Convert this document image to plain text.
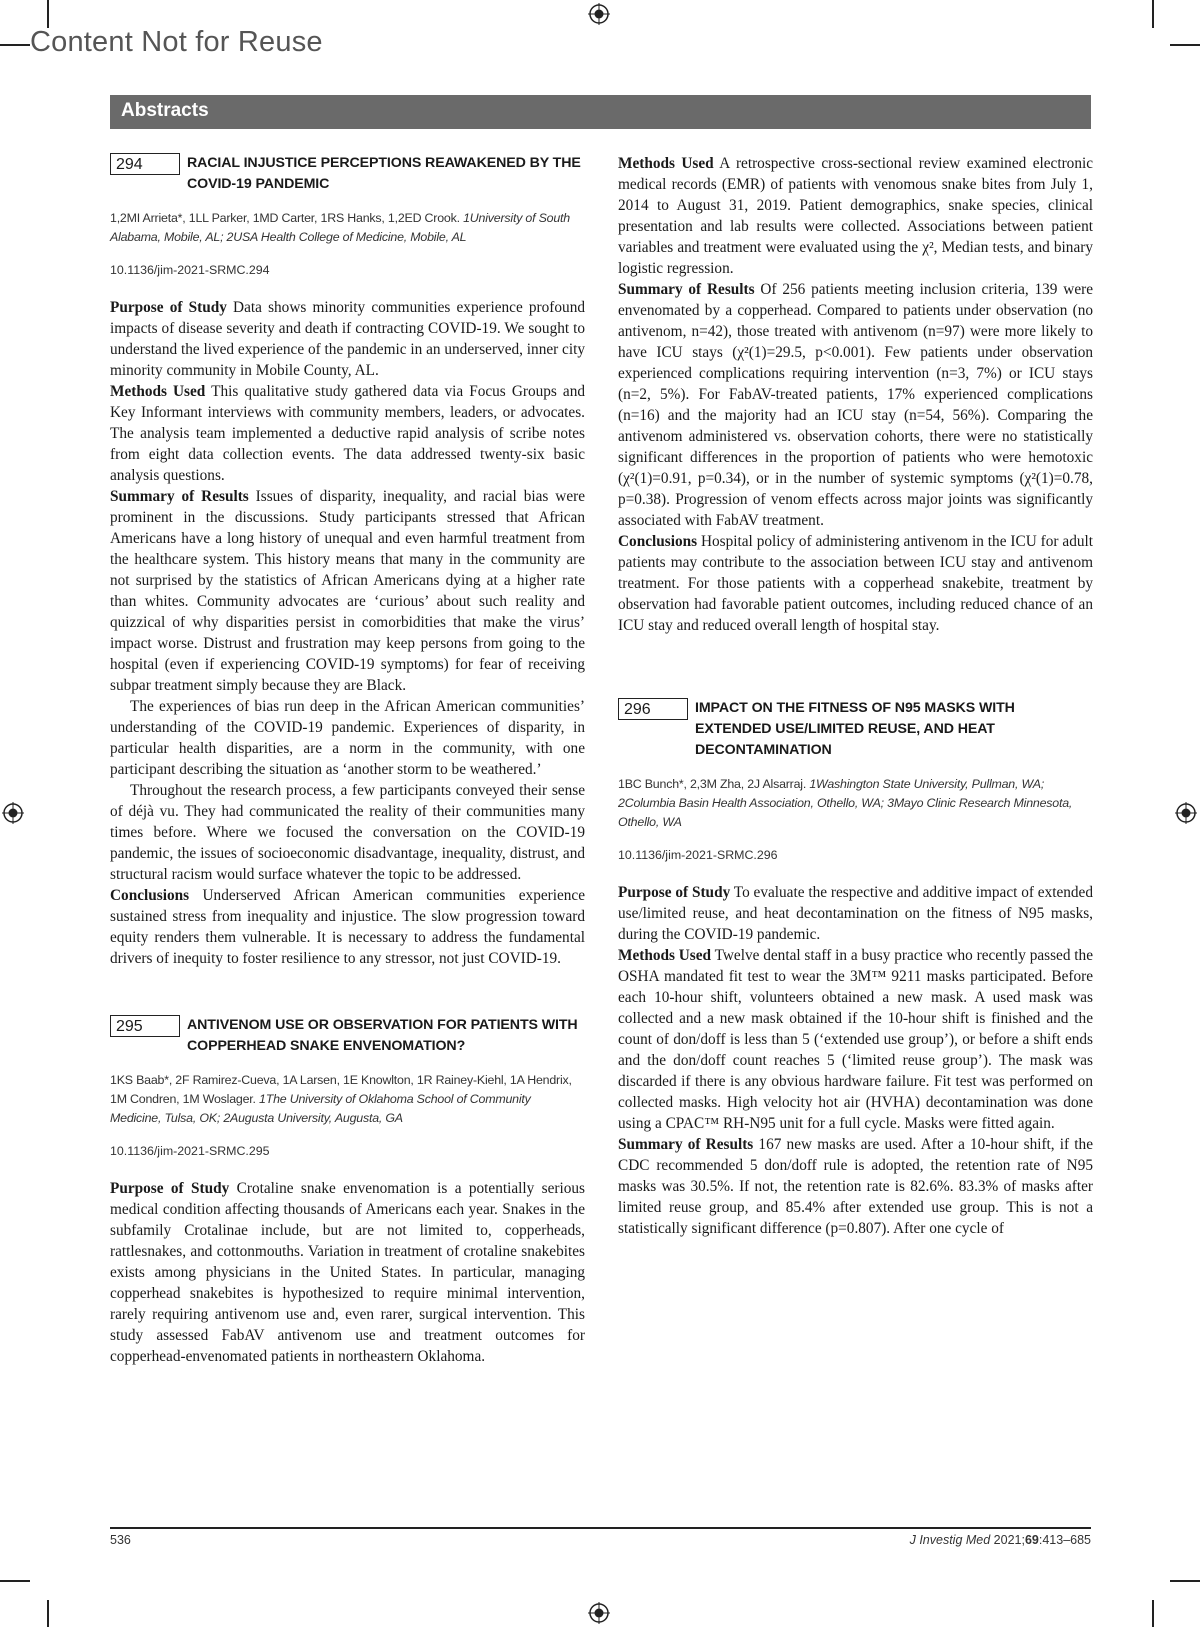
Content Not for Reuse
Abstracts
294	RACIAL INJUSTICE PERCEPTIONS REAWAKENED BY THE COVID-19 PANDEMIC
1,2MI Arrieta*, 1LL Parker, 1MD Carter, 1RS Hanks, 1,2ED Crook. 1University of South Alabama, Mobile, AL; 2USA Health College of Medicine, Mobile, AL
10.1136/jim-2021-SRMC.294

Purpose of Study Data shows minority communities experience profound impacts of disease severity and death if contracting COVID-19. We sought to understand the lived experience of the pandemic in an underserved, inner city minority community in Mobile County, AL.

Methods Used This qualitative study gathered data via Focus Groups and Key Informant interviews with community members, leaders, or advocates. The analysis team implemented a deductive rapid analysis of scribe notes from eight data collection events. The data addressed twenty-six basic analysis questions.

Summary of Results Issues of disparity, inequality, and racial bias were prominent in the discussions. Study participants stressed that African Americans have a long history of unequal and even harmful treatment from the healthcare system. This history means that many in the community are not surprised by the statistics of African Americans dying at a higher rate than whites. Community advocates are ‘curious’ about such reality and quizzical of why disparities persist in comorbidities that make the virus’ impact worse. Distrust and frustration may keep persons from going to the hospital (even if experiencing COVID-19 symptoms) for fear of receiving subpar treatment simply because they are Black.

The experiences of bias run deep in the African American communities’ understanding of the COVID-19 pandemic. Experiences of disparity, in particular health disparities, are a norm in the community, with one participant describing the situation as ‘another storm to be weathered.’

Throughout the research process, a few participants conveyed their sense of déjà vu. They had communicated the reality of their communities many times before. Where we focused the conversation on the COVID-19 pandemic, the issues of socioeconomic disadvantage, inequality, distrust, and structural racism would surface whatever the topic to be addressed.

Conclusions Underserved African American communities experience sustained stress from inequality and injustice. The slow progression toward equity renders them vulnerable. It is necessary to address the fundamental drivers of inequity to foster resilience to any stressor, not just COVID-19.

295	ANTIVENOM USE OR OBSERVATION FOR PATIENTS WITH COPPERHEAD SNAKE ENVENOMATION?
1KS Baab*, 2F Ramirez-Cueva, 1A Larsen, 1E Knowlton, 1R Rainey-Kiehl, 1A Hendrix, 1M Condren, 1M Woslager. 1The University of Oklahoma School of Community Medicine, Tulsa, OK; 2Augusta University, Augusta, GA
10.1136/jim-2021-SRMC.295

Purpose of Study Crotaline snake envenomation is a potentially serious medical condition affecting thousands of Americans each year. Snakes in the subfamily Crotalinae include, but are not limited to, copperheads, rattlesnakes, and cottonmouths. Variation in treatment of crotaline snakebites exists among physicians in the United States. In particular, managing copperhead snakebites is hypothesized to require minimal intervention, rarely requiring antivenom use and, even rarer, surgical intervention. This study assessed FabAV antivenom use and treatment outcomes for copperhead-envenomated patients in northeastern Oklahoma.

Methods Used A retrospective cross-sectional review examined electronic medical records (EMR) of patients with venomous snake bites from July 1, 2014 to August 31, 2019. Patient demographics, snake species, clinical presentation and lab results were collected. Associations between patient variables and treatment were evaluated using the χ², Median tests, and binary logistic regression.

Summary of Results Of 256 patients meeting inclusion criteria, 139 were envenomated by a copperhead. Compared to patients under observation (no antivenom, n=42), those treated with antivenom (n=97) were more likely to have ICU stays (χ²(1)=29.5, p<0.001). Few patients under observation experienced complications requiring intervention (n=3, 7%) or ICU stays (n=2, 5%). For FabAV-treated patients, 17% experienced complications (n=16) and the majority had an ICU stay (n=54, 56%). Comparing the antivenom administered vs. observation cohorts, there were no statistically significant differences in the proportion of patients who were hemotoxic (χ²(1)=0.91, p=0.34), or in the number of systemic symptoms (χ²(1)=0.78, p=0.38). Progression of venom effects across major joints was significantly associated with FabAV treatment.

Conclusions Hospital policy of administering antivenom in the ICU for adult patients may contribute to the association between ICU stay and antivenom treatment. For those patients with a copperhead snakebite, treatment by observation had favorable patient outcomes, including reduced chance of an ICU stay and reduced overall length of hospital stay.

296	IMPACT ON THE FITNESS OF N95 MASKS WITH EXTENDED USE/LIMITED REUSE, AND HEAT DECONTAMINATION
1BC Bunch*, 2,3M Zha, 2J Alsarraj. 1Washington State University, Pullman, WA; 2Columbia Basin Health Association, Othello, WA; 3Mayo Clinic Research Minnesota, Othello, WA
10.1136/jim-2021-SRMC.296

Purpose of Study To evaluate the respective and additive impact of extended use/limited reuse, and heat decontamination on the fitness of N95 masks, during the COVID-19 pandemic.

Methods Used Twelve dental staff in a busy practice who recently passed the OSHA mandated fit test to wear the 3M™ 9211 masks participated. Before each 10-hour shift, volunteers obtained a new mask. A used mask was collected and a new mask obtained if the 10-hour shift is finished and the count of don/doff is less than 5 (‘extended use group’), or before a shift ends and the don/doff count reaches 5 (‘limited reuse group’). The mask was discarded if there is any obvious hardware failure. Fit test was performed on collected masks. High velocity hot air (HVHA) decontamination was done using a CPAC™ RH-N95 unit for a full cycle. Masks were fitted again.

Summary of Results 167 new masks are used. After a 10-hour shift, if the CDC recommended 5 don/doff rule is adopted, the retention rate of N95 masks was 30.5%. If not, the retention rate is 82.6%. 83.3% of masks after limited reuse group, and 85.4% after extended use group. This is not a statistically significant difference (p=0.807). After one cycle of

536	J Investig Med 2021;69:413–685
